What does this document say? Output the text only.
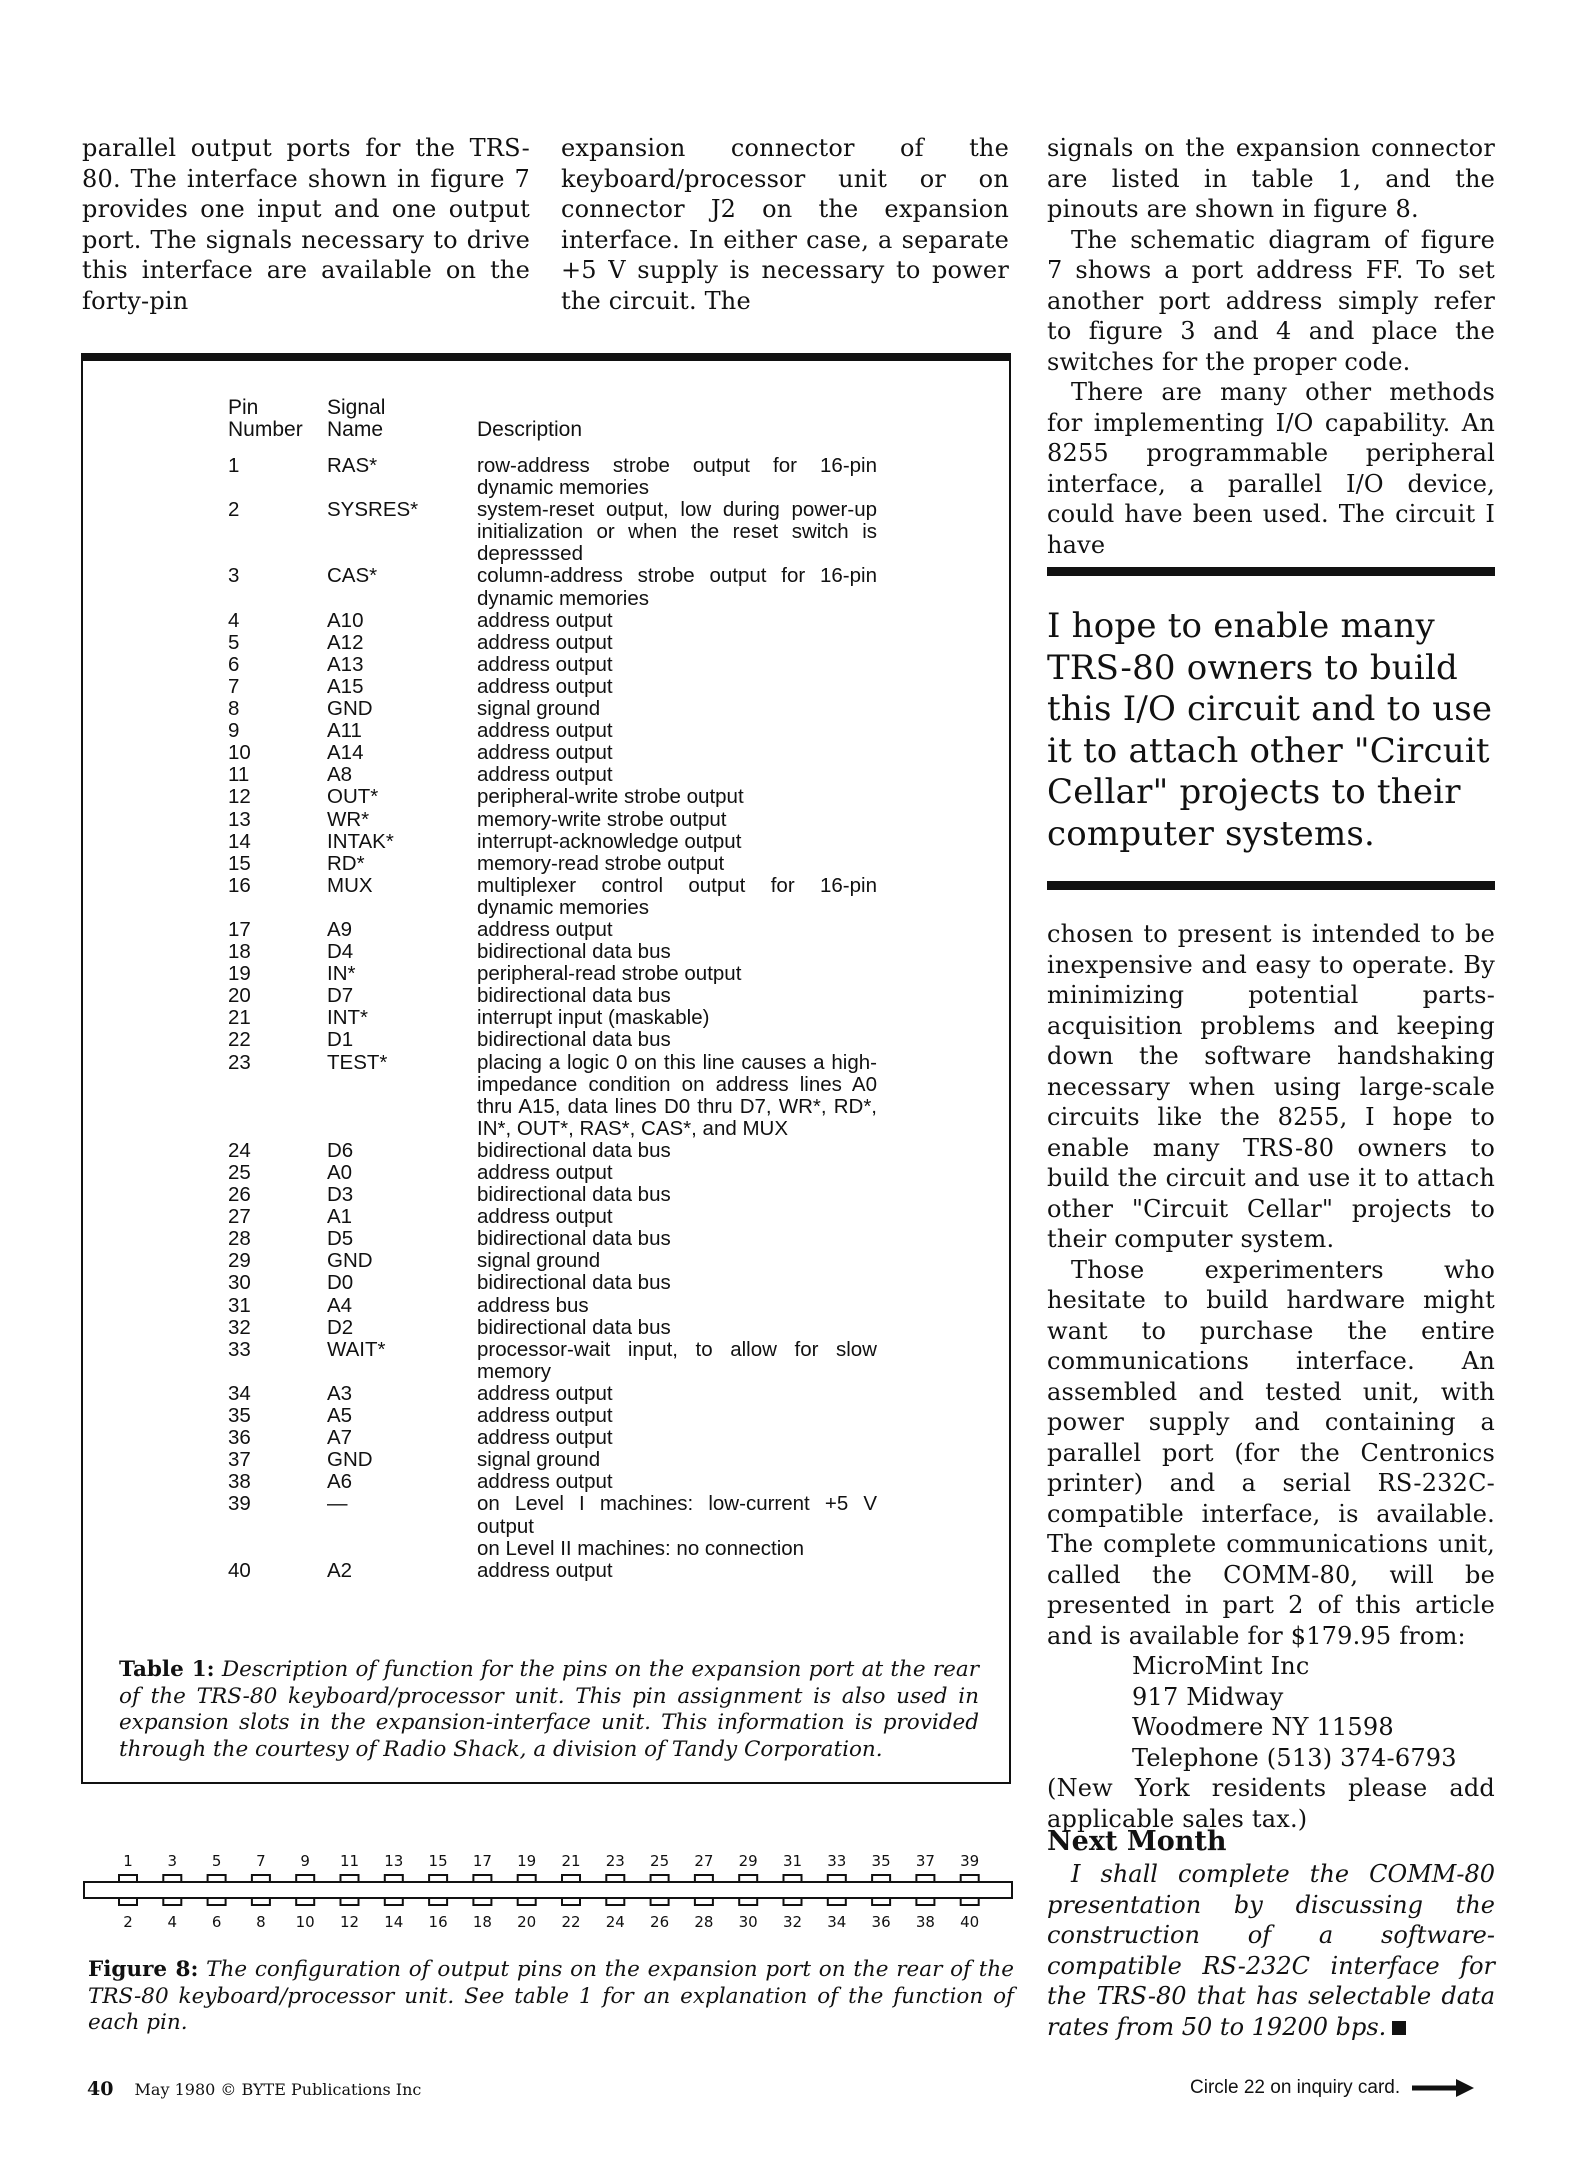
parallel output ports for the TRS-80. The interface shown in figure 7 provides one input and one output port. The signals necessary to drive this interface are available on the forty-pin

expansion connector of the keyboard/processor unit or on connector J2 on the expansion interface. In either case, a separate +5 V supply is necessary to power the circuit. The

signals on the expansion connector are listed in table 1, and the pinouts are shown in figure 8.

The schematic diagram of figure 7 shows a port address FF. To set another port address simply refer to figure 3 and 4 and place the switches for the proper code.

There are many other methods for implementing I/O capability. An 8255 programmable peripheral interface, a parallel I/O device, could have been used. The circuit I have

I hope to enable many TRS-80 owners to build this I/O circuit and to use it to attach other "Circuit Cellar" projects to their computer systems.

chosen to present is intended to be inexpensive and easy to operate. By minimizing potential parts-acquisition problems and keeping down the software handshaking necessary when using large-scale circuits like the 8255, I hope to enable many TRS-80 owners to build the circuit and use it to attach other "Circuit Cellar" projects to their computer system.

Those experimenters who hesitate to build hardware might want to purchase the entire communications interface. An assembled and tested unit, with power supply and containing a parallel port (for the Centronics printer) and a serial RS-232C-compatible interface, is available. The complete communications unit, called the COMM-80, will be presented in part 2 of this article and is available for $179.95 from:

MicroMint Inc
917 Midway
Woodmere NY 11598
Telephone (513) 374-6793

(New York residents please add applicable sales tax.)

Pin
Number
Signal
Name	Description
1	RAS*	row-address strobe output for 16-pin dynamic memories
2	SYSRES*	system-reset output, low during power-up initialization or when the reset switch is depresssed
3	CAS*	column-address strobe output for 16-pin dynamic memories
4	A10	address output
5	A12	address output
6	A13	address output
7	A15	address output
8	GND	signal ground
9	A11	address output
10	A14	address output
11	A8	address output
12	OUT*	peripheral-write strobe output
13	WR*	memory-write strobe output
14	INTAK*	interrupt-acknowledge output
15	RD*	memory-read strobe output
16	MUX	multiplexer control output for 16-pin dynamic memories
17	A9	address output
18	D4	bidirectional data bus
19	IN*	peripheral-read strobe output
20	D7	bidirectional data bus
21	INT*	interrupt input (maskable)
22	D1	bidirectional data bus
23	TEST*	placing a logic 0 on this line causes a high-impedance condition on address lines A0 thru A15, data lines D0 thru D7, WR*, RD*, IN*, OUT*, RAS*, CAS*, and MUX
24	D6	bidirectional data bus
25	A0	address output
26	D3	bidirectional data bus
27	A1	address output
28	D5	bidirectional data bus
29	GND	signal ground
30	D0	bidirectional data bus
31	A4	address bus
32	D2	bidirectional data bus
33	WAIT*	processor-wait input, to allow for slow memory
34	A3	address output
35	A5	address output
36	A7	address output
37	GND	signal ground
38	A6	address output
39	—	on Level I machines: low-current +5 V output
on Level II machines: no connection
40	A2	address output
Table 1: Description of function for the pins on the expansion port at the rear of the TRS-80 keyboard/processor unit. This pin assignment is also used in expansion slots in the expansion-interface unit. This information is provided through the courtesy of Radio Shack, a division of Tandy Corporation.
1 3 5 7 9 11 13 15 17 19 21 23 25 27 29 31 33 35 37 39
2 4 6 8 10 12 14 16 18 20 22 24 26 28 30 32 34 36 38 40
Figure 8: The configuration of output pins on the expansion port on the rear of the TRS-80 keyboard/processor unit. See table 1 for an explanation of the function of each pin.
Next Month

I shall complete the COMM-80 presentation by discussing the construction of a software-compatible RS-232C interface for the TRS-80 that has selectable data rates from 50 to 19200 bps.

40 May 1980 © BYTE Publications Inc	Circle 22 on inquiry card.
